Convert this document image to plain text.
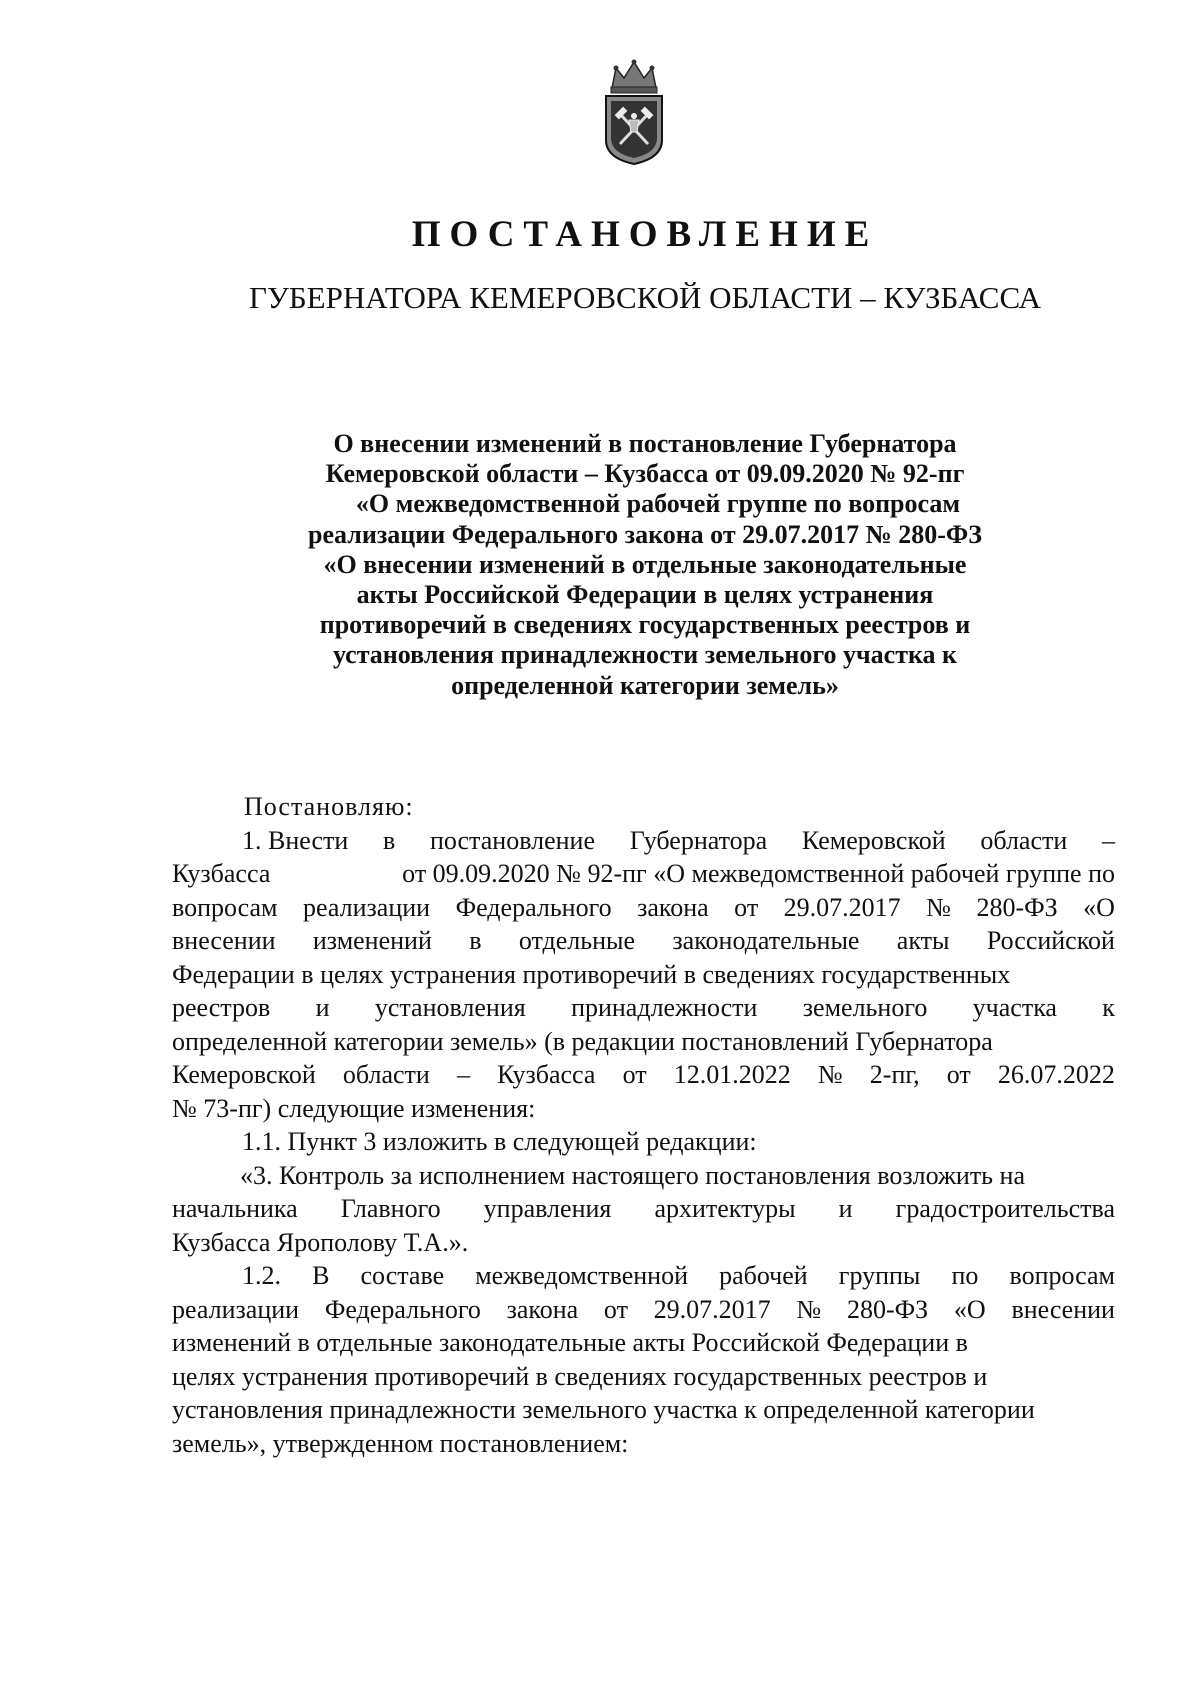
ПОСТАНОВЛЕНИЕ
ГУБЕРНАТОРА КЕМЕРОВСКОЙ ОБЛАСТИ – КУЗБАССА
О внесении изменений в постановление Губернатора
Кемеровской области – Кузбасса от 09.09.2020 № 92-пг
«О межведомственной рабочей группе по вопросам
реализации Федерального закона от 29.07.2017 № 280-ФЗ
«О внесении изменений в отдельные законодательные
акты Российской Федерации в целях устранения
противоречий в сведениях государственных реестров и
установления принадлежности земельного участка к
определенной категории земель»
Постановляю:
1. Внести в постановление Губернатора Кемеровской области –
Кузбасса	от 09.09.2020 № 92-пг «О межведомственной рабочей группе по
вопросам реализации Федерального закона от 29.07.2017 № 280-ФЗ «О
внесении изменений в отдельные законодательные акты Российской
Федерации в целях устранения противоречий в сведениях государственных
реестров и установления принадлежности земельного участка к
определенной категории земель» (в редакции постановлений Губернатора
Кемеровской области – Кузбасса от 12.01.2022 № 2-пг, от 26.07.2022
№ 73-пг) следующие изменения:
1.1. Пункт 3 изложить в следующей редакции:
«3. Контроль за исполнением настоящего постановления возложить на
начальника Главного управления архитектуры и градостроительства
Кузбасса Ярополову Т.А.».
1.2. В составе межведомственной рабочей группы по вопросам
реализации Федерального закона от 29.07.2017 № 280-ФЗ «О внесении
изменений в отдельные законодательные акты Российской Федерации в
целях устранения противоречий в сведениях государственных реестров и
установления принадлежности земельного участка к определенной категории
земель», утвержденном постановлением:
